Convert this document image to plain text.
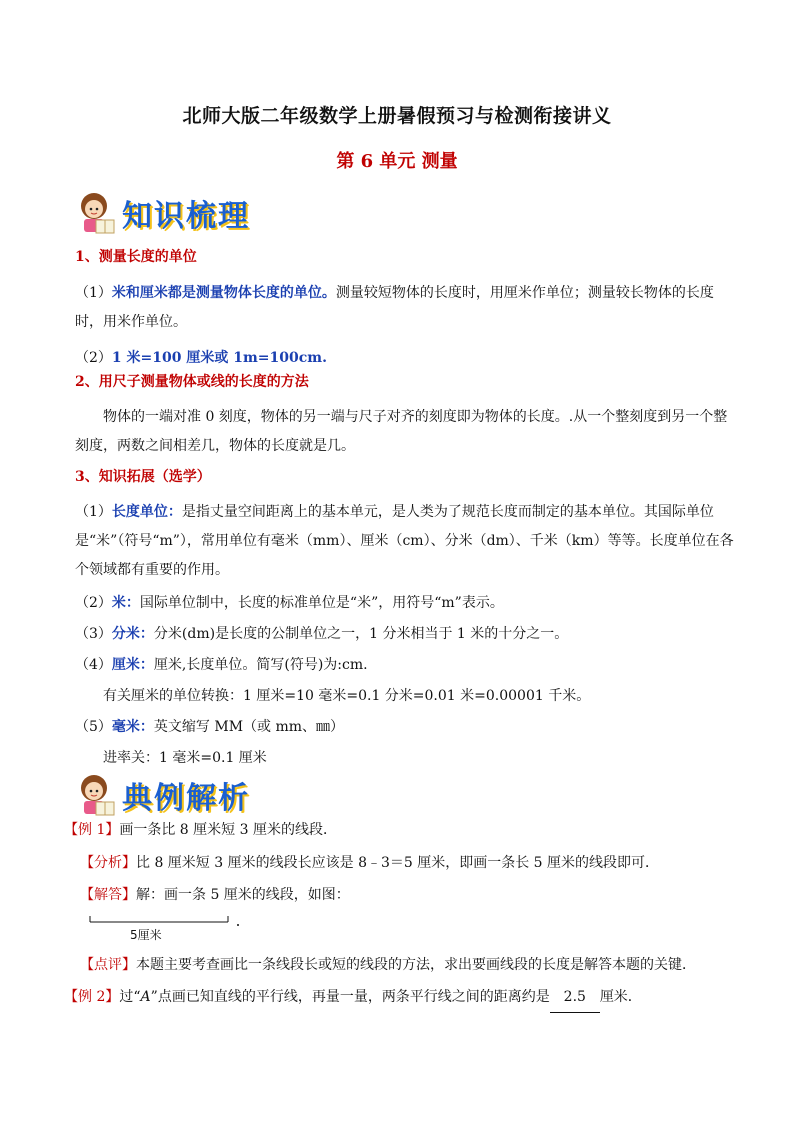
北师大版二年级数学上册暑假预习与检测衔接讲义
第 6 单元 测量
知识梳理
1、测量长度的单位
（1）米和厘米都是测量物体长度的单位。测量较短物体的长度时，用厘米作单位；测量较长物体的长度时，用米作单位。
（2）1 米=100 厘米或 1m=100cm.
2、用尺子测量物体或线的长度的方法
物体的一端对准 0 刻度，物体的另一端与尺子对齐的刻度即为物体的长度。.从一个整刻度到另一个整刻度，两数之间相差几，物体的长度就是几。
3、知识拓展（选学）
（1）长度单位：是指丈量空间距离上的基本单元，是人类为了规范长度而制定的基本单位。其国际单位是“米”（符号“m”），常用单位有毫米（mm）、厘米（cm）、分米（dm）、千米（km）等等。长度单位在各个领域都有重要的作用。
（2）米：国际单位制中，长度的标准单位是“米”，用符号“m”表示。
（3）分米：分米(dm)是长度的公制单位之一，1 分米相当于 1 米的十分之一。
（4）厘米：厘米,长度单位。简写(符号)为:cm.
有关厘米的单位转换：1 厘米=10 毫米=0.1 分米=0.01 米=0.00001 千米。
（5）毫米：英文缩写 MM（或 mm、㎜）
进率关：1 毫米=0.1 厘米
典例解析
【例 1】画一条比 8 厘米短 3 厘米的线段．
【分析】比 8 厘米短 3 厘米的线段长应该是 8﹣3＝5 厘米，即画一条长 5 厘米的线段即可．
【解答】解：画一条 5 厘米的线段，如图：
5厘米
【点评】本题主要考查画比一条线段长或短的线段的方法，求出要画线段的长度是解答本题的关键．
【例 2】过“A”点画已知直线的平行线，再量一量，两条平行线之间的距离约是 2.5 厘米．
